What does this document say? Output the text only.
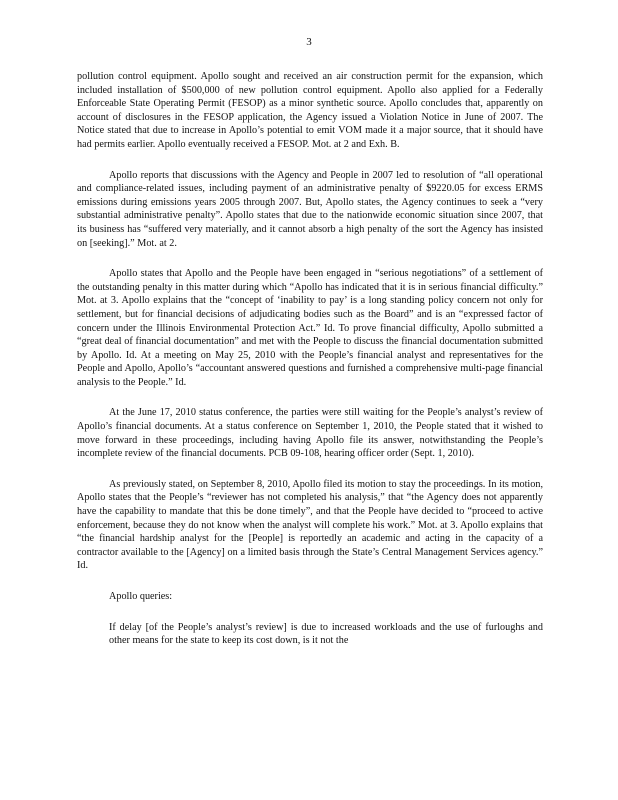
3

pollution control equipment. Apollo sought and received an air construction permit for the expansion, which included installation of $500,000 of new pollution control equipment. Apollo also applied for a Federally Enforceable State Operating Permit (FESOP) as a minor synthetic source. Apollo concludes that, apparently on account of disclosures in the FESOP application, the Agency issued a Violation Notice in June of 2007. The Notice stated that due to increase in Apollo’s potential to emit VOM made it a major source, that it should have had permits earlier. Apollo eventually received a FESOP. Mot. at 2 and Exh. B.

Apollo reports that discussions with the Agency and People in 2007 led to resolution of “all operational and compliance-related issues, including payment of an administrative penalty of $9220.05 for excess ERMS emissions during emissions years 2005 through 2007. But, Apollo states, the Agency continues to seek a “very substantial administrative penalty”. Apollo states that due to the nationwide economic situation since 2007, that its business has “suffered very materially, and it cannot absorb a high penalty of the sort the Agency has insisted on [seeking].” Mot. at 2.

Apollo states that Apollo and the People have been engaged in “serious negotiations” of a settlement of the outstanding penalty in this matter during which “Apollo has indicated that it is in serious financial difficulty.” Mot. at 3. Apollo explains that the “concept of ‘inability to pay’ is a long standing policy concern not only for settlement, but for financial decisions of adjudicating bodies such as the Board” and is an “expressed factor of concern under the Illinois Environmental Protection Act.” Id. To prove financial difficulty, Apollo submitted a “great deal of financial documentation” and met with the People to discuss the financial documentation submitted by Apollo. Id. At a meeting on May 25, 2010 with the People’s financial analyst and representatives for the People and Apollo, Apollo’s “accountant answered questions and furnished a comprehensive multi-page financial analysis to the People.” Id.

At the June 17, 2010 status conference, the parties were still waiting for the People’s analyst’s review of Apollo’s financial documents. At a status conference on September 1, 2010, the People stated that it wished to move forward in these proceedings, including having Apollo file its answer, notwithstanding the People’s incomplete review of the financial documents. PCB 09-108, hearing officer order (Sept. 1, 2010).

As previously stated, on September 8, 2010, Apollo filed its motion to stay the proceedings. In its motion, Apollo states that the People’s “reviewer has not completed his analysis,” that “the Agency does not apparently have the capability to mandate that this be done timely”, and that the People have decided to “proceed to active enforcement, because they do not know when the analyst will complete his work.” Mot. at 3. Apollo explains that “the financial hardship analyst for the [People] is reportedly an academic and acting in the capacity of a contractor available to the [Agency] on a limited basis through the State’s Central Management Services agency.” Id.

Apollo queries:

If delay [of the People’s analyst’s review] is due to increased workloads and the use of furloughs and other means for the state to keep its cost down, is it not the
